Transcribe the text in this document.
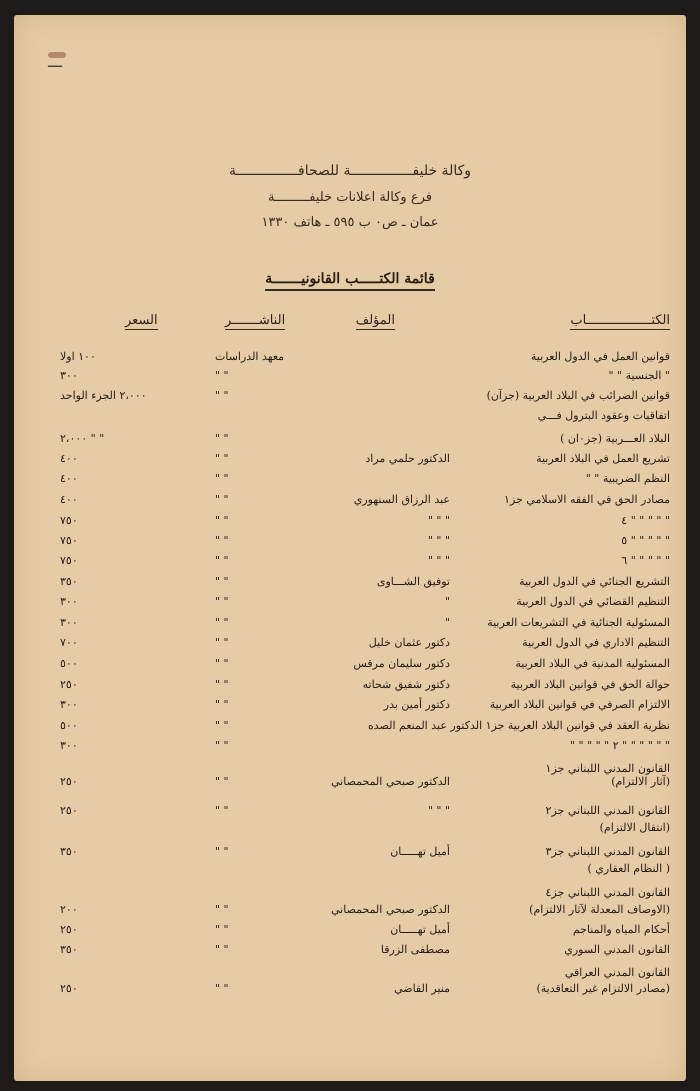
وكالة خليفـــــــــــــــة للصحافـــــــــــــــة
فرع وكالة اعلانات خليفـــــــــة
عمان ـ ص٠ ب ٥٩٥ ـ هاتف ١٣٣٠
قائمة الكتـــــب القانونيـــــــة
الكتـــــــــــــــــاب
المؤلف
الناشـــــــر
السعر
قوانين العمل في الدول العربية
معهد الدراسات
١٠٠ اولا
" الجنسية " "
" "
٣٠٠
قوانين الضرائب في البلاد العربية (جزآن)
" "
٢،٠٠٠ الجزء الواحد
اتفاقيات وعقود البترول فـــي
البلاد العـــربية (جز٠ان )
" "
٢،٠٠٠ " "
تشريع العمل في البلاد العربية
الدكتور حلمي مراد
" "
٤٠٠
النظم الضريبية " "
" "
٤٠٠
مصادر الحق في الفقه الاسلامي جز١
عبد الرزاق السنهوري
" "
٤٠٠
" " " " " ٤
" " "
" "
٧٥٠
" " " " " ٥
" " "
" "
٧٥٠
" " " " " ٦
" " "
" "
٧٥٠
التشريع الجنائي في الدول العربية
توفيق الشـــاوى
" "
٣٥٠
التنظيم القضائي في الدول العربية
"
" "
٣٠٠
المسئولية الجنائية في التشريعات العربية
"
" "
٣٠٠
التنظيم الاداري في الدول العربية
دكتور عثمان خليل
" "
٧٠٠
المسئولية المدنية في البلاد العربية
دكتور سليمان مرقس
" "
٥٠٠
حوالة الحق في قوانين البلاد العربية
دكتور شفيق شحاته
" "
٢٥٠
الالتزام الصرفي في قوانين البلاد العربية
دكتور أمين بدر
" "
٣٠٠
نظرية العقد في قوانين البلاد العربية جز١ الدكتور عبد المنعم الصده
" "
٥٠٠
" " " " " " ٢ " " " " "
" "
٣٠٠
القانون المدني اللبناني جز١
(آثار الالتزام)
الدكتور صبحي المحمصاني
" "
٢٥٠
القانون المدني اللبناني جز٢
" " "
" "
٢٥٠
(انتقال الالتزام)
القانون المدني اللبناني جز٣
أميل تهـــــان
" "
٣٥٠
( النظام العقاري )
القانون المدني اللبناني جز٤
(الاوصاف المعدلة لآثار الالتزام)
الدكتور صبحي المحمصاني
" "
٢٠٠
أحكام المياه والمناجم
أميل تهـــــان
" "
٢٥٠
القانون المدني السوري
مصطفى الزرقا
" "
٣٥٠
القانون المدني العراقي
(مصادر الالتزام غير التعاقدية)
منير القاضي
" "
٢٥٠
